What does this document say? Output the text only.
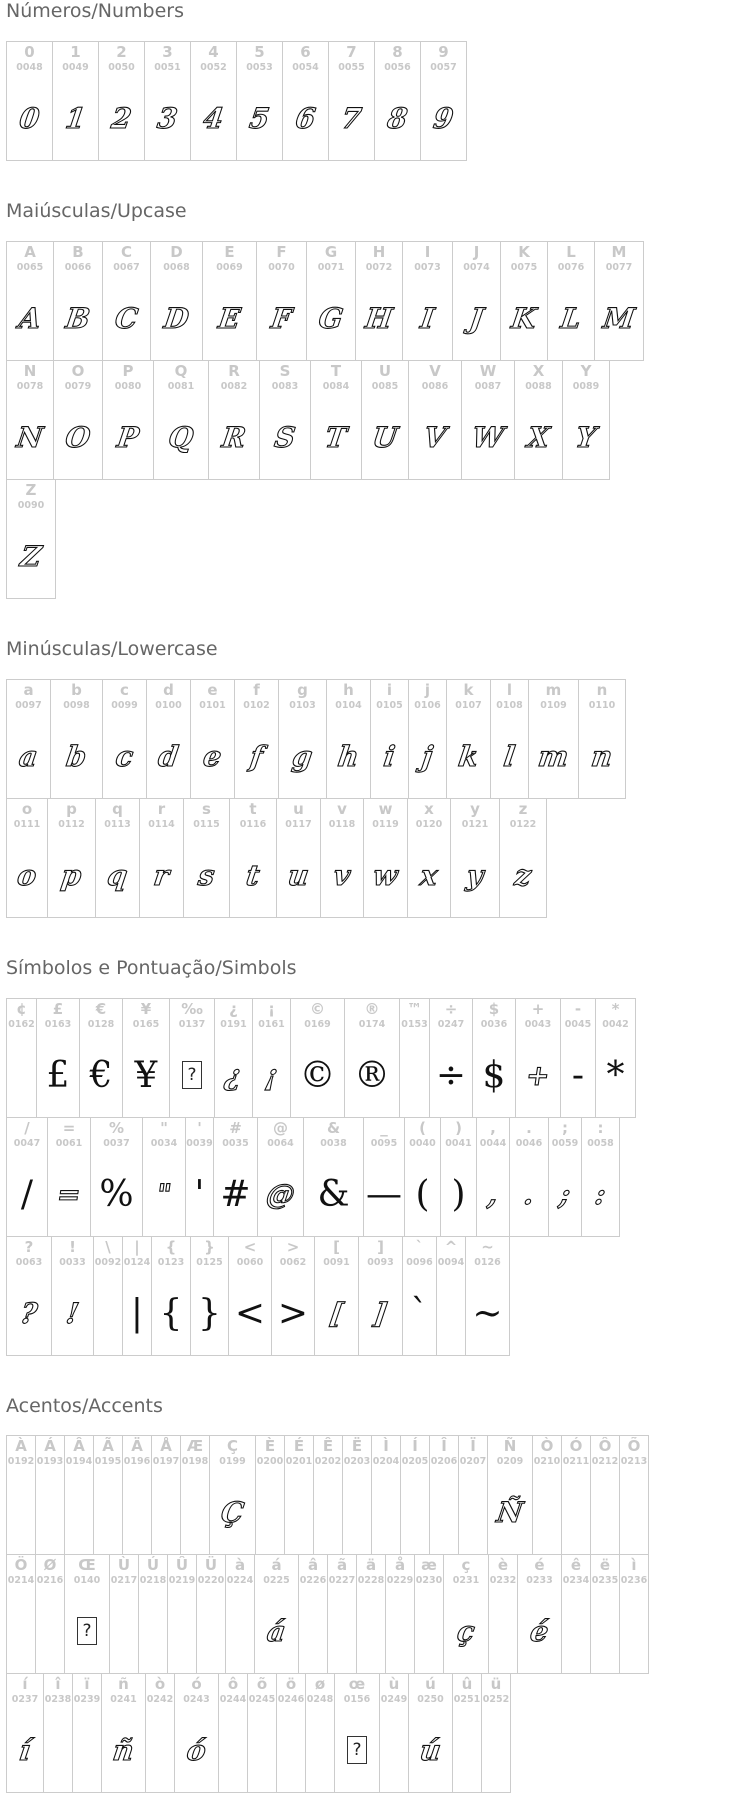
Números/Numbers
0
0048
0
1
0049
1
2
0050
2
3
0051
3
4
0052
4
5
0053
5
6
0054
6
7
0055
7
8
0056
8
9
0057
9
Maiúsculas/Upcase
A
0065
A
B
0066
B
C
0067
C
D
0068
D
E
0069
E
F
0070
F
G
0071
G
H
0072
H
I
0073
I
J
0074
J
K
0075
K
L
0076
L
M
0077
M
N
0078
N
O
0079
O
P
0080
P
Q
0081
Q
R
0082
R
S
0083
S
T
0084
T
U
0085
U
V
0086
V
W
0087
W
X
0088
X
Y
0089
Y
Z
0090
Z
Minúsculas/Lowercase
a
0097
a
b
0098
b
c
0099
c
d
0100
d
e
0101
e
f
0102
f
g
0103
g
h
0104
h
i
0105
i
j
0106
j
k
0107
k
l
0108
l
m
0109
m
n
0110
n
o
0111
o
p
0112
p
q
0113
q
r
0114
r
s
0115
s
t
0116
t
u
0117
u
v
0118
v
w
0119
w
x
0120
x
y
0121
y
z
0122
z
Símbolos e Pontuação/Simbols
¢
0162
£
0163
£
€
0128
€
¥
0165
¥
‰
0137
?
¿
0191
¿
¡
0161
¡
©
0169
©
®
0174
®
™
0153
÷
0247
÷
$
0036
$
+
0043
+
-
0045
-
*
0042
*
/
0047
/
=
0061
=
%
0037
%
"
0034
"
'
0039
'
#
0035
#
@
0064
@
&
0038
&
_
0095
—
(
0040
(
)
0041
)
,
0044
,
.
0046
.
;
0059
;
:
0058
:
?
0063
?
!
0033
!
\
0092
|
0124
|
{
0123
{
}
0125
}
<
0060
<
>
0062
>
[
0091
[
]
0093
]
`
0096
`
^
0094
~
0126
~
Acentos/Accents
À
0192
Á
0193
Â
0194
Ã
0195
Ä
0196
Å
0197
Æ
0198
Ç
0199
Ç
È
0200
É
0201
Ê
0202
Ë
0203
Ì
0204
Í
0205
Î
0206
Ï
0207
Ñ
0209
Ñ
Ò
0210
Ó
0211
Ô
0212
Õ
0213
Ö
0214
Ø
0216
Œ
0140
?
Ù
0217
Ú
0218
Û
0219
Ü
0220
à
0224
á
0225
á
â
0226
ã
0227
ä
0228
å
0229
æ
0230
ç
0231
ç
è
0232
é
0233
é
ê
0234
ë
0235
ì
0236
í
0237
í
î
0238
ï
0239
ñ
0241
ñ
ò
0242
ó
0243
ó
ô
0244
õ
0245
ö
0246
ø
0248
œ
0156
?
ù
0249
ú
0250
ú
û
0251
ü
0252
